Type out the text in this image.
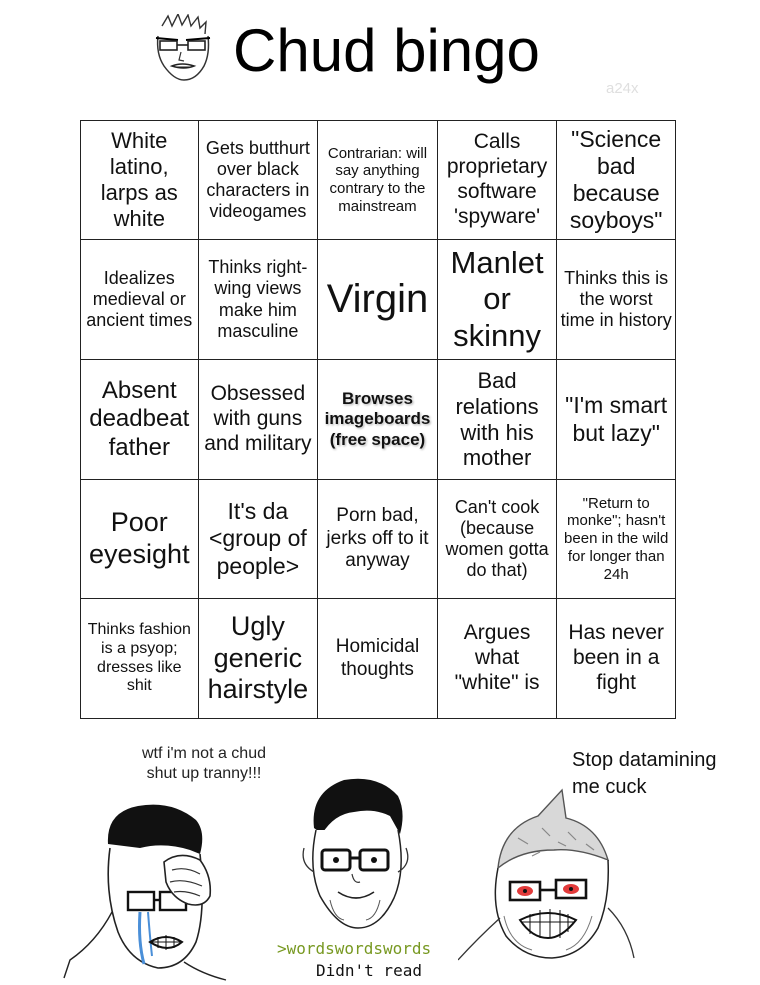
Chud bingo
a24x
White latino, larps as white	Gets butthurt over black characters in videogames	Contrarian: will say anything contrary to the mainstream	Calls proprietary software 'spyware'	"Science bad because soyboys"
Idealizes medieval or ancient times	Thinks right-wing views make him masculine	Virgin	Manlet or skinny	Thinks this is the worst time in history
Absent deadbeat father	Obsessed with guns and military	Browses imageboards (free space)	Bad relations with his mother	"I'm smart but lazy"
Poor eyesight	It's da <group of people>	Porn bad, jerks off to it anyway	Can't cook (because women gotta do that)	"Return to monke"; hasn't been in the wild for longer than 24h
Thinks fashion is a psyop; dresses like shit	Ugly generic hairstyle	Homicidal thoughts	Argues what "white" is	Has never been in a fight
wtf i'm not a chud
shut up tranny!!!
Stop datamining
me cuck
>wordswordswords
Didn't read
